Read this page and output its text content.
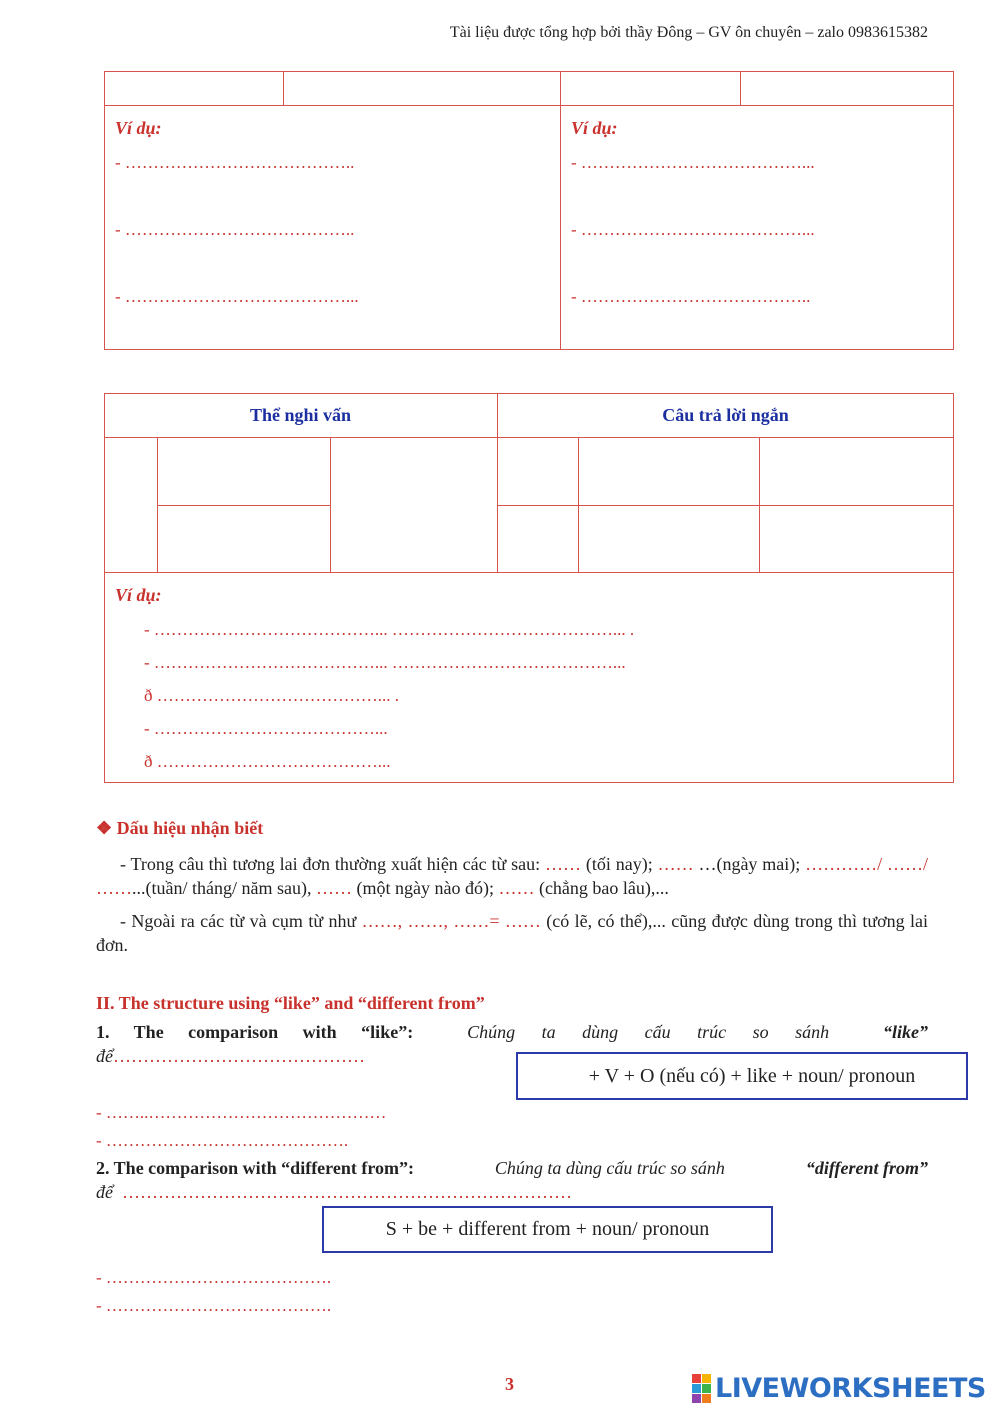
Tài liệu được tổng hợp bởi thầy Đông – GV ôn chuyên – zalo 0983615382
Ví dụ:
- …………………………………..
- …………………………………..
- …………………………………...
Ví dụ:
- …………………………………...
- …………………………………...
- …………………………………..
Thể nghi vấn	Câu trả lời ngắn
Ví dụ:
- …………………………………... …………………………………... .
- …………………………………... …………………………………...
ð …………………………………... .
- …………………………………...
ð …………………………………...
❖ Dấu hiệu nhận biết
- Trong câu thì tương lai đơn thường xuất hiện các từ sau: …… (tối nay); …… …(ngày mai); …………/ ……/ ……...(tuần/ tháng/ năm sau), …… (một ngày nào đó); …… (chẳng bao lâu),...
- Ngoài ra các từ và cụm từ như ……, ……, ……= …… (có lẽ, có thể),... cũng được dùng trong thì tương lai đơn.
II. The structure using “like” and “different from”
1. The comparison with “like”:	Chúng ta dùng cấu trúc so sánh	“like”
để……………………………………
+ V + O (nếu có) + like + noun/ pronoun
- ……..……………………………………
- …………………………………….
2. The comparison with “different from”:	Chúng ta dùng cấu trúc so sánh	“different from”
để …………………………………………………………………
S + be + different from + noun/ pronoun
- ………………………………….
- ………………………………….
3	LIVEWORKSHEETS
